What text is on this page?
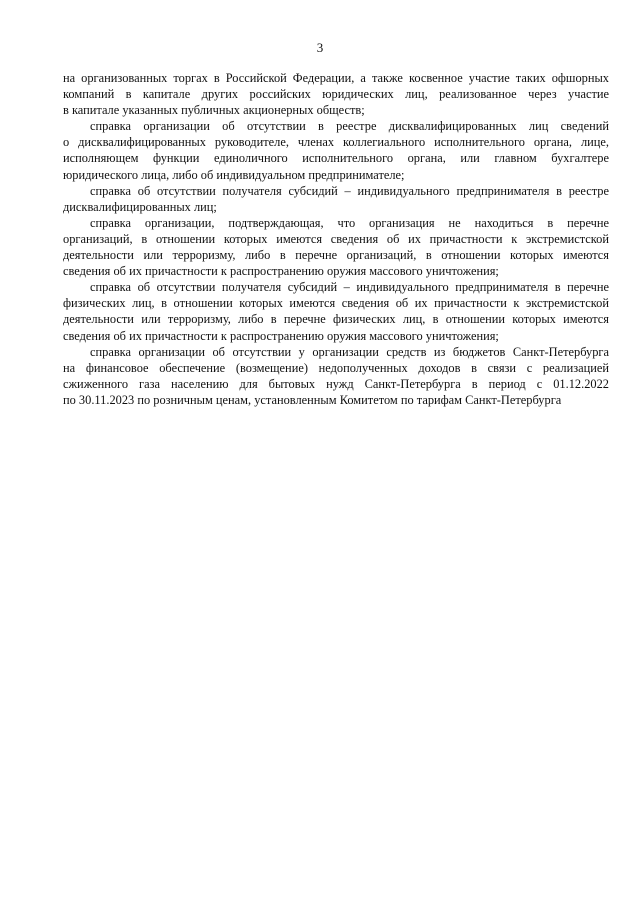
3

на организованных торгах в Российской Федерации, а также косвенное участие таких офшорных
компаний в капитале других российских юридических лиц, реализованное через участие
в капитале указанных публичных акционерных обществ;

справка организации об отсутствии в реестре дисквалифицированных лиц сведений
о дисквалифицированных руководителе, членах коллегиального исполнительного органа, лице,
исполняющем функции единоличного исполнительного органа, или главном бухгалтере
юридического лица, либо об индивидуальном предпринимателе;

справка об отсутствии получателя субсидий – индивидуального предпринимателя в реестре
дисквалифицированных лиц;

справка организации, подтверждающая, что организация не находиться в перечне
организаций, в отношении которых имеются сведения об их причастности к экстремистской
деятельности или терроризму, либо в перечне организаций, в отношении которых имеются
сведения об их причастности к распространению оружия массового уничтожения;

справка об отсутствии получателя субсидий – индивидуального предпринимателя в перечне
физических лиц, в отношении которых имеются сведения об их причастности к экстремистской
деятельности или терроризму, либо в перечне физических лиц, в отношении которых имеются
сведения об их причастности к распространению оружия массового уничтожения;

справка организации об отсутствии у организации средств из бюджетов Санкт-Петербурга
на финансовое обеспечение (возмещение) недополученных доходов в связи с реализацией
сжиженного газа населению для бытовых нужд Санкт-Петербурга в период с 01.12.2022
по 30.11.2023 по розничным ценам, установленным Комитетом по тарифам Санкт-Петербурга
